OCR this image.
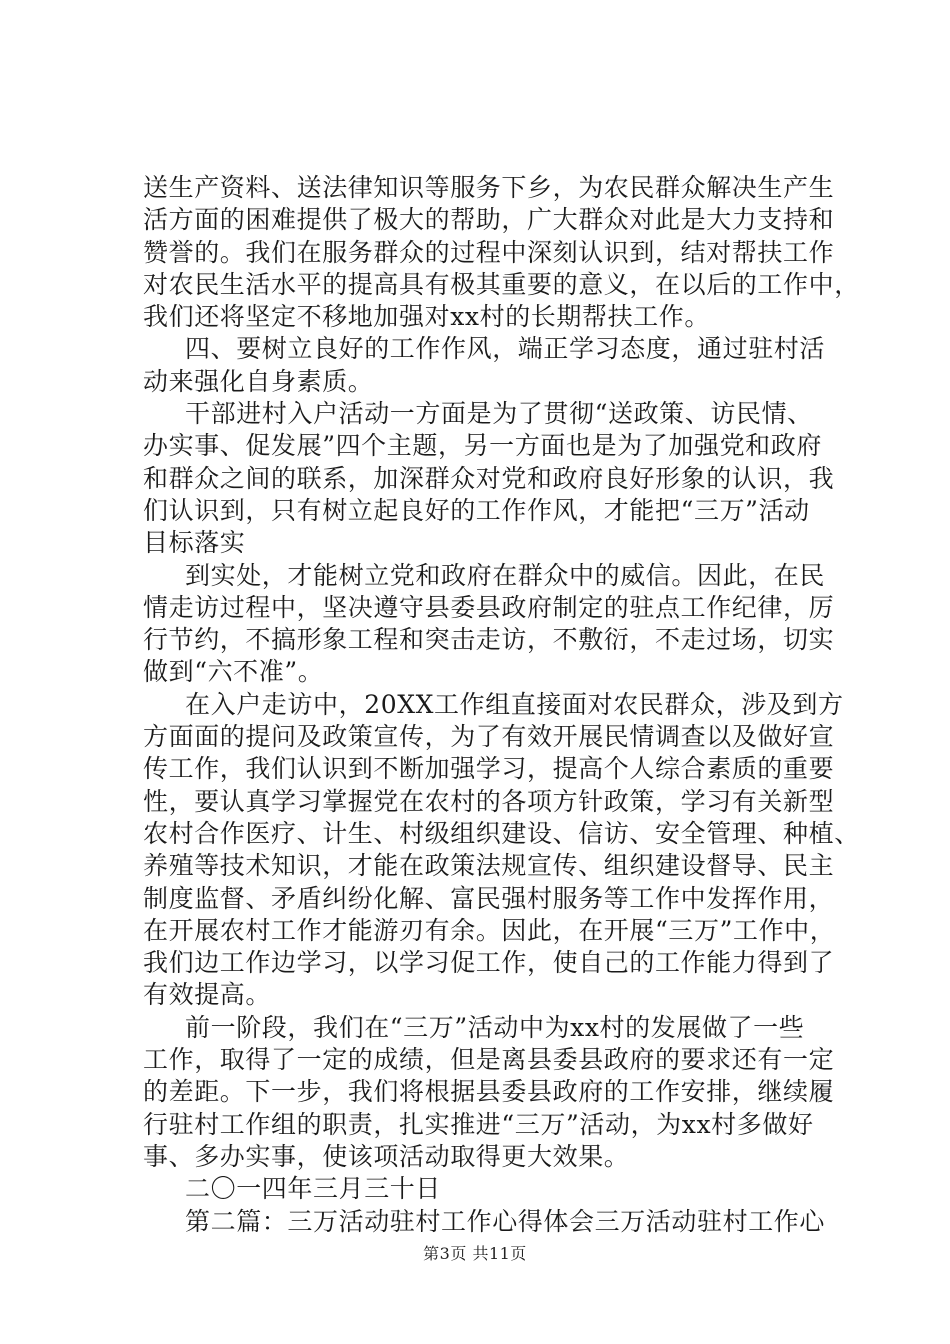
送生产资料、送法律知识等服务下乡，为农民群众解决生产生
活方面的困难提供了极大的帮助，广大群众对此是大力支持和
赞誉的。我们在服务群众的过程中深刻认识到，结对帮扶工作
对农民生活水平的提高具有极其重要的意义，在以后的工作中，
我们还将坚定不移地加强对xx村的长期帮扶工作。
四、要树立良好的工作作风，端正学习态度，通过驻村活
动来强化自身素质。
干部进村入户活动一方面是为了贯彻“送政策、访民情、
办实事、促发展”四个主题，另一方面也是为了加强党和政府
和群众之间的联系，加深群众对党和政府良好形象的认识，我
们认识到，只有树立起良好的工作作风，才能把“三万”活动
目标落实
到实处，才能树立党和政府在群众中的威信。因此，在民
情走访过程中，坚决遵守县委县政府制定的驻点工作纪律，厉
行节约，不搞形象工程和突击走访，不敷衍，不走过场，切实
做到“六不准”。
在入户走访中，20XX工作组直接面对农民群众，涉及到方
方面面的提问及政策宣传，为了有效开展民情调查以及做好宣
传工作，我们认识到不断加强学习，提高个人综合素质的重要
性，要认真学习掌握党在农村的各项方针政策，学习有关新型
农村合作医疗、计生、村级组织建设、信访、安全管理、种植、
养殖等技术知识，才能在政策法规宣传、组织建设督导、民主
制度监督、矛盾纠纷化解、富民强村服务等工作中发挥作用，
在开展农村工作才能游刃有余。因此，在开展“三万”工作中，
我们边工作边学习，以学习促工作，使自己的工作能力得到了
有效提高。
前一阶段，我们在“三万”活动中为xx村的发展做了一些
工作，取得了一定的成绩，但是离县委县政府的要求还有一定
的差距。下一步，我们将根据县委县政府的工作安排，继续履
行驻村工作组的职责，扎实推进“三万”活动，为xx村多做好
事、多办实事，使该项活动取得更大效果。
二〇一四年三月三十日
第二篇：三万活动驻村工作心得体会三万活动驻村工作心
第3页 共11页
